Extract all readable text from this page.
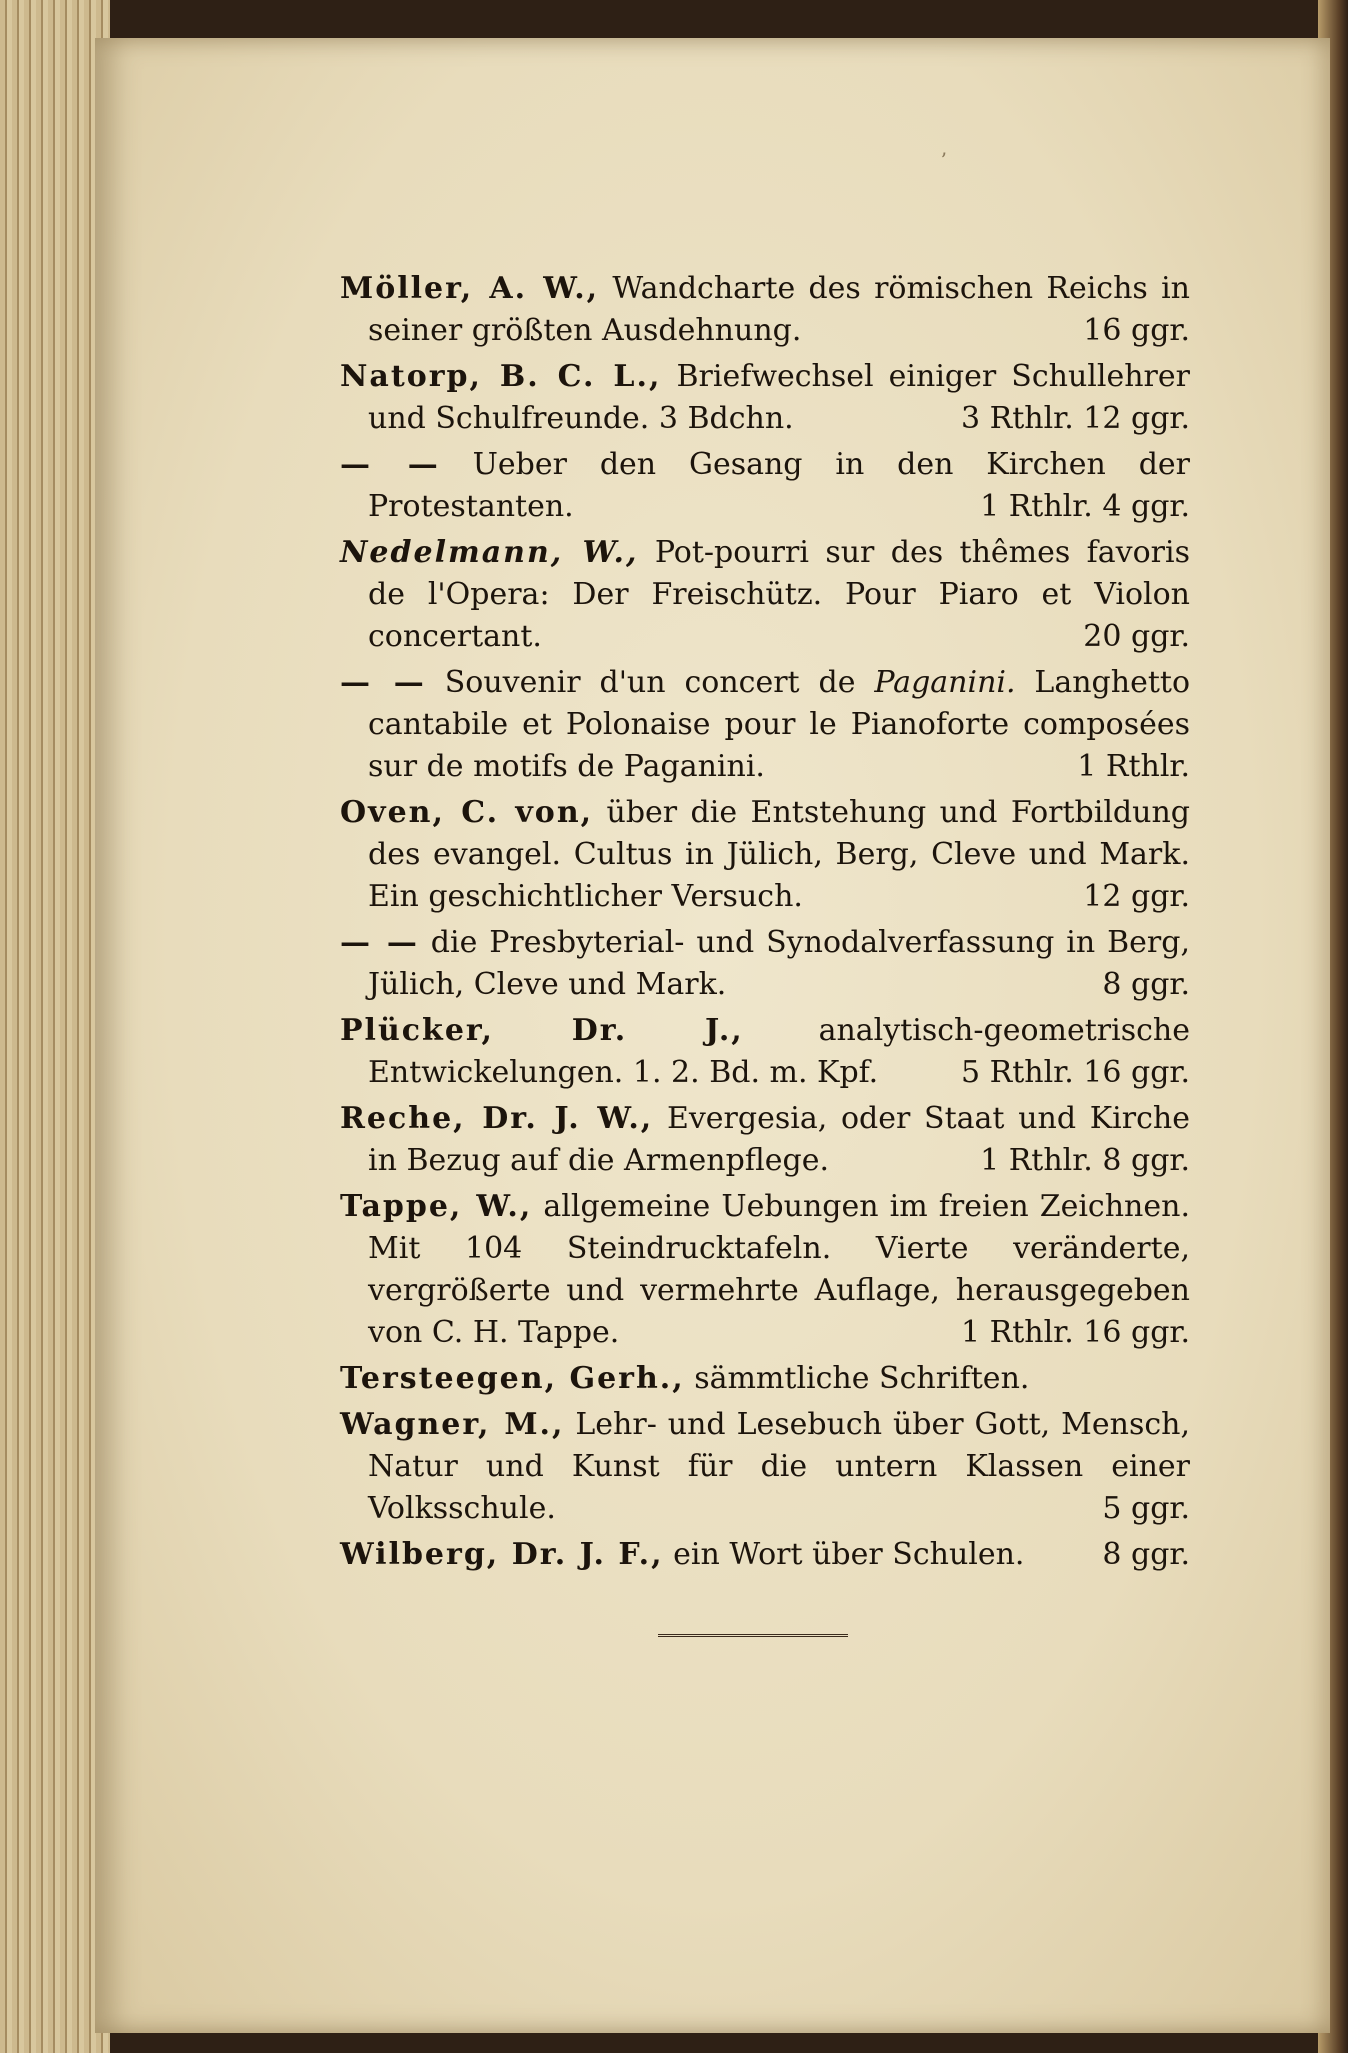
ʼ

Möller, A. W., Wandcharte des römischen Reichs in seiner größten Ausdehnung.	16 ggr.

Natorp, B. C. L., Briefwechsel einiger Schullehrer und Schulfreunde. 3 Bdchn.	3 Rthlr. 12 ggr.

— — Ueber den Gesang in den Kirchen der Protestanten.	1 Rthlr. 4 ggr.

Nedelmann, W., Pot-pourri sur des thêmes favoris de l'Opera: Der Freischütz. Pour Piaro et Violon concertant.	20 ggr.

— — Souvenir d'un concert de Paganini. Langhetto cantabile et Polonaise pour le Pianoforte composées sur de motifs de Paganini.	1 Rthlr.

Oven, C. von, über die Entstehung und Fortbildung des evangel. Cultus in Jülich, Berg, Cleve und Mark. Ein geschichtlicher Versuch.	12 ggr.

— — die Presbyterial- und Synodalverfassung in Berg, Jülich, Cleve und Mark.	8 ggr.

Plücker, Dr. J., analytisch-geometrische Entwickelungen. 1. 2. Bd. m. Kpf.	5 Rthlr. 16 ggr.

Reche, Dr. J. W., Evergesia, oder Staat und Kirche in Bezug auf die Armenpflege.	1 Rthlr. 8 ggr.

Tappe, W., allgemeine Uebungen im freien Zeichnen. Mit 104 Steindrucktafeln. Vierte veränderte, vergrößerte und vermehrte Auflage, herausgegeben von C. H. Tappe.	1 Rthlr. 16 ggr.

Tersteegen, Gerh., sämmtliche Schriften.

Wagner, M., Lehr- und Lesebuch über Gott, Mensch, Natur und Kunst für die untern Klassen einer Volksschule.	5 ggr.

Wilberg, Dr. J. F., ein Wort über Schulen.	8 ggr.
